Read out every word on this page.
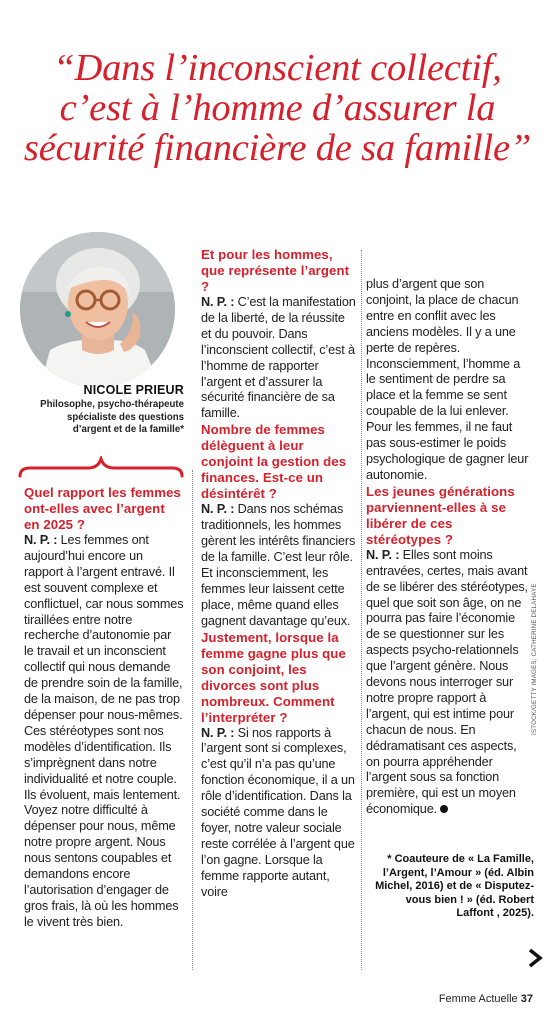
“Dans l’inconscient collectif, c’est à l’homme d’assurer la sécurité financière de sa famille”
NICOLE PRIEUR
Philosophe, psycho-thérapeute spécialiste des questions d’argent et de la famille*

Quel rapport les femmes ont-elles avec l’argent en 2025 ?

N. P. : Les femmes ont aujourd’hui encore un rapport à l’argent entravé. Il est souvent complexe et conflictuel, car nous sommes tiraillées entre notre recherche d’autonomie par le travail et un inconscient collectif qui nous demande de prendre soin de la famille, de la maison, de ne pas trop dépenser pour nous-mêmes. Ces stéréotypes sont nos modèles d’identification. Ils s’imprègnent dans notre individualité et notre couple. Ils évoluent, mais lentement. Voyez notre difficulté à dépenser pour nous, même notre propre argent. Nous nous sentons coupables et demandons encore l’autorisation d’engager de gros frais, là où les hommes le vivent très bien.

Et pour les hommes, que représente l’argent ?

N. P. : C’est la manifestation de la liberté, de la réussite et du pouvoir. Dans l’inconscient collectif, c’est à l’homme de rapporter l’argent et d’assurer la sécurité financière de sa famille.

Nombre de femmes délèguent à leur conjoint la gestion des finances. Est-ce un désintérêt ?

N. P. : Dans nos schémas traditionnels, les hommes gèrent les intérêts financiers de la famille. C’est leur rôle. Et inconsciemment, les femmes leur laissent cette place, même quand elles gagnent davantage qu’eux.

Justement, lorsque la femme gagne plus que son conjoint, les divorces sont plus nombreux. Comment l’interpréter ?

N. P. : Si nos rapports à l’argent sont si complexes, c’est qu’il n’a pas qu’une fonction économique, il a un rôle d’identification. Dans la société comme dans le foyer, notre valeur sociale reste corrélée à l’argent que l’on gagne. Lorsque la femme rapporte autant, voire

plus d’argent que son conjoint, la place de chacun entre en conflit avec les anciens modèles. Il y a une perte de repères. Inconsciemment, l’homme a le sentiment de perdre sa place et la femme se sent coupable de la lui enlever. Pour les femmes, il ne faut pas sous-estimer le poids psychologique de gagner leur autonomie.

Les jeunes générations parviennent-elles à se libérer de ces stéréotypes ?

N. P. : Elles sont moins entravées, certes, mais avant de se libérer des stéréotypes, quel que soit son âge, on ne pourra pas faire l’économie de se questionner sur les aspects psycho-relationnels que l’argent génère. Nous devons nous interroger sur notre propre rapport à l’argent, qui est intime pour chacun de nous. En dédramatisant ces aspects, on pourra appréhender l’argent sous sa fonction première, qui est un moyen économique.

* Coauteure de « La Famille, l’Argent, l’Amour » (éd. Albin Michel, 2016) et de « Disputez-vous bien ! » (éd. Robert Laffont , 2025).
ISTOCK/GETTY IMAGES; CATHERINE DELAHAYE
Femme Actuelle 37
